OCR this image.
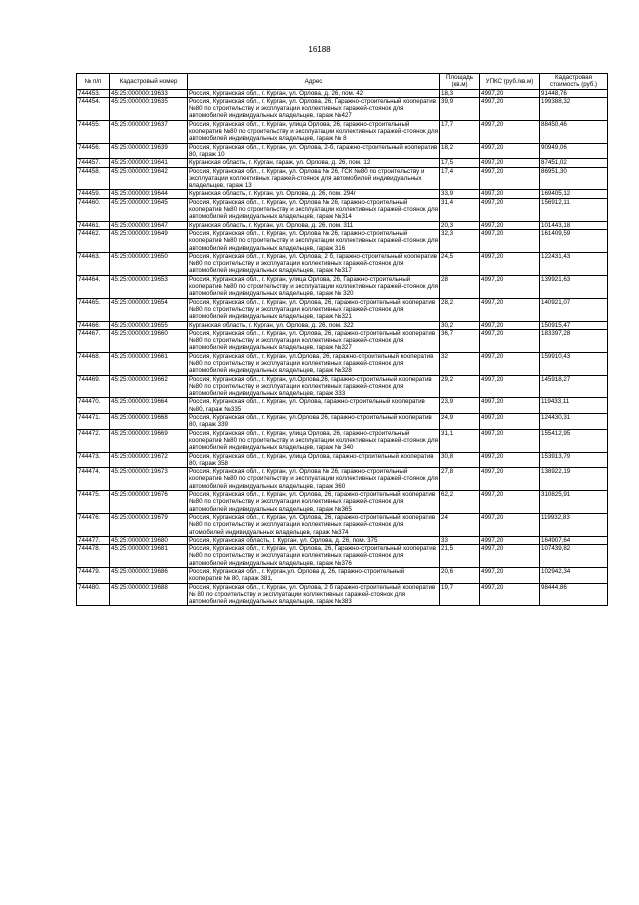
16188
№ п/п	Кадастровый номер	Адрес	Площадь (кв.м)	УПКС (руб./кв.м)	Кадастровая стоимость (руб.)
744453.	45:25:000000:19633	Россия, Курганская обл., г. Курган, ул. Орлова, д. 26, пом. 42	18,3	4997,20	91448,76
744454.	45:25:000000:19635	Россия, Курганская обл., г. Курган, ул. Орлова, 26, Гаражно-строительный кооператив №80 по строительству и эксплуатации коллективных гаражей-стоянок для автомобилей индивидуальных владельцев, гараж №427	39,9	4997,20	199388,32
744455.	45:25:000000:19637	Россия, Курганская обл., г. Курган, улица Орлова, 26, гаражно-строительный кооператив №80 по строительству и эксплуатации коллективных гаражей-стоянок для автомобилей индивидуальных владельцев, гараж № 8	17,7	4997,20	88450,46
744456.	45:25:000000:19639	Россия, Курганская обл., г. Курган, ул. Орлова, 2-б, гаражно-строительный кооператив 80, гараж 10	18,2	4997,20	90949,06
744457.	45:25:000000:19641	Курганская область, г. Курган, гараж, ул. Орлова, д. 26, пом. 12	17,5	4997,20	87451,02
744458.	45:25:000000:19642	Россия, Курганская обл., г. Курган, ул. Орлова № 26, ГСК №80 по строительству и эксплуатации коллективных гаражей-стоянок для автомобилей индивидуальных владельцев, гараж 13	17,4	4997,20	86951,30
744459.	45:25:000000:19644	Курганская область, г. Курган, ул. Орлова, д. 26, пом. 294г	33,9	4997,20	169405,12
744460.	45:25:000000:19645	Россия, Курганская обл., г. Курган, ул. Орлова № 26, гаражно-строительный кооператив №80 по строительству и эксплуатации коллективных гаражей-стоянок для автомобилей индивидуальных владельцев, гараж №314	31,4	4997,20	156912,11
744461.	45:25:000000:19647	Курганская область, г. Курган, ул. Орлова, д. 26, пом. 311	20,3	4997,20	101443,18
744462.	45:25:000000:19649	Россия, Курганская обл., г. Курган, ул. Орлова № 26, гаражно-строительный кооператив №80 по строительству и эксплуатации коллективных гаражей-стоянок для автомобилей индивидуальных владельцев, гараж 316	32,3	4997,20	161409,59
744463.	45:25:000000:19650	Россия, Курганская обл., г. Курган, ул. Орлова, 2 б, гаражно-строительный кооператив №80 по строительству и эксплуатации коллективных гаражей-стоянок для автомобилей индивидуальных владельцев, гараж №317	24,5	4997,20	122431,43
744464.	45:25:000000:19653	Россия, Курганская обл., г. Курган, улица Орлова, 26, Гаражно-строительный кооператив №80 по строительству и эксплуатации коллективных гаражей-стоянок для автомобилей индивидуальных владельцев, гараж № 320	28	4997,20	139921,63
744465.	45:25:000000:19654	Россия, Курганская обл., г. Курган, ул. Орлова, 26, гаражно-строительный кооператив №80 по строительству и эксплуатации коллективных гаражей-стоянок для автомобилей индивидуальных владельцев, гараж №321	28,2	4997,20	140921,07
744466.	45:25:000000:19655	Курганская область, г. Курган, ул. Орлова, д. 26, пом. 322	30,2	4997,20	150915,47
744467.	45:25:000000:19660	Россия, Курганская обл., г. Курган, ул. Орлова, 26, гаражно-строительный кооператив №80 по строительству и эксплуатации коллективных гаражей-стоянок для автомобилей индивидуальных владельцев, гараж №327	36,7	4997,20	183397,28
744468.	45:25:000000:19661	Россия, Курганская обл., г. Курган, ул.Орлова, 26, гаражно-строительный кооператив №80 по строительству и эксплуатации коллективных гаражей-стоянок для автомобилей индивидуальных владельцев, гараж №328	32	4997,20	159910,43
744469.	45:25:000000:19662	Россия, Курганская обл., г. Курган, ул.Орлова,26, гаражно-строительный кооператив №80 по строительству и эксплуатации коллективных гаражей-стоянок для автомобилей индивидуальных владельцев, гараж 333	29,2	4997,20	145918,27
744470.	45:25:000000:19664	Россия, Курганская обл., г. Курган, ул. Орлова, гаражно-строительный кооператив №80, гараж №335	23,9	4997,20	119433,11
744471.	45:25:000000:19668	Россия, Курганская обл., г. Курган, ул.Орлова 26, гаражно-строительный кооператив 80, гараж 339	24,9	4997,20	124430,31
744472.	45:25:000000:19669	Россия, Курганская обл., г. Курган, улица Орлова, 26, гаражно-строительный кооператив №80 по строительству и эксплуатации коллективных гаражей-стоянок для автомобилей индивидуальных владельцев, гараж № 340	31,1	4997,20	155412,95
744473.	45:25:000000:19672	Россия, Курганская обл., г. Курган, улица Орлова, гаражно-строительный кооператив 80, гараж 358	30,8	4997,20	153913,79
744474.	45:25:000000:19673	Россия, Курганская обл., г. Курган, ул. Орлова № 26, гаражно-строительный кооператив №80 по строительству и эксплуатации коллективных гаражей-стоянок для автомобилей индивидуальных владельцев, гараж 360	27,8	4997,20	138922,19
744475.	45:25:000000:19676	Россия, Курганская обл., г. Курган, ул. Орлова, 26, гаражно-строительный кооператив №80 по строительству и эксплуатации коллективных гаражей-стоянок для автомобилей индивидуальных владельцев, гараж №365	62,2	4997,20	310825,91
744476.	45:25:000000:19679	Россия, Курганская обл., г. Курган, ул. Орлова, 26, гаражно-строительный кооператив №80 по строительству и эксплуатации коллективных гаражей-стоянок для атомобилей индивидуальных владельцев, гараж №374	24	4997,20	119932,83
744477.	45:25:000000:19680	Россия, Курганская область, г. Курган, ул. Орлова, д. 26, пом. 375	33	4997,20	164907,64
744478.	45:25:000000:19681	Россия, Курганская обл., г. Курган, ул. Орлова, 26, Гаражно-строительный кооператив №80 по строительству и эксплуатации коллективных гаражей-стоянок для автомобилей индивидуальных владельцев, гараж №376	21,5	4997,20	107439,82
744479.	45:25:000000:19686	Россия, Курганская обл., г. Курган,ул. Орлова д. 26, гаражно-строительный кооператив № 80, гараж 381,	20,6	4997,20	102942,34
744480.	45:25:000000:19688	Россия, Курганская обл., г. Курган, ул. Орлова, 2 б гаражно-строительный кооператив № 80 по строительству и эксплуатации коллективных гаражей-стоянок для автомобилей индивидуальных владельцев, гараж №383	19,7	4997,20	98444,86
